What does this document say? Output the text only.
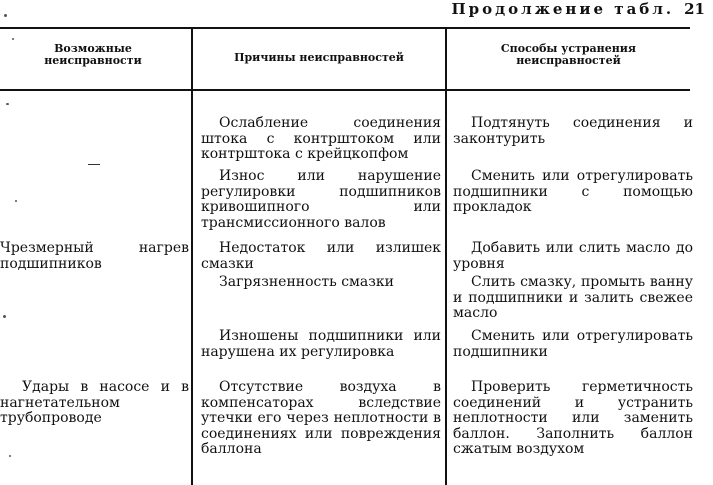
Продолжение табл. 21
Возможные неисправности	Причины неисправностей
Способы устранения неисправностей
Чрезмерный нагрев подшипников
Удары в насосе и в нагнетательном трубопроводе
Ослабление соединения штока с контрштоком или контрштока с крейцкопфом
Износ или нарушение регулировки подшипников кривошипного или трансмиссионного валов
Недостаток или излишек смазки
Загрязненность смазки
Изношены подшипники или нарушена их регулировка
Отсутствие воздуха в компенсаторах вследствие утечки его через неплотности в соединениях или повреждения баллона
Подтянуть соединения и законтурить
Сменить или отрегулировать подшипники с помощью прокладок
Добавить или слить масло до уровня
Слить смазку, промыть ванну и подшипники и залить свежее масло
Сменить или отрегулировать подшипники
Проверить герметичность соединений и устранить неплотности или заменить баллон. Заполнить баллон сжатым воздухом
